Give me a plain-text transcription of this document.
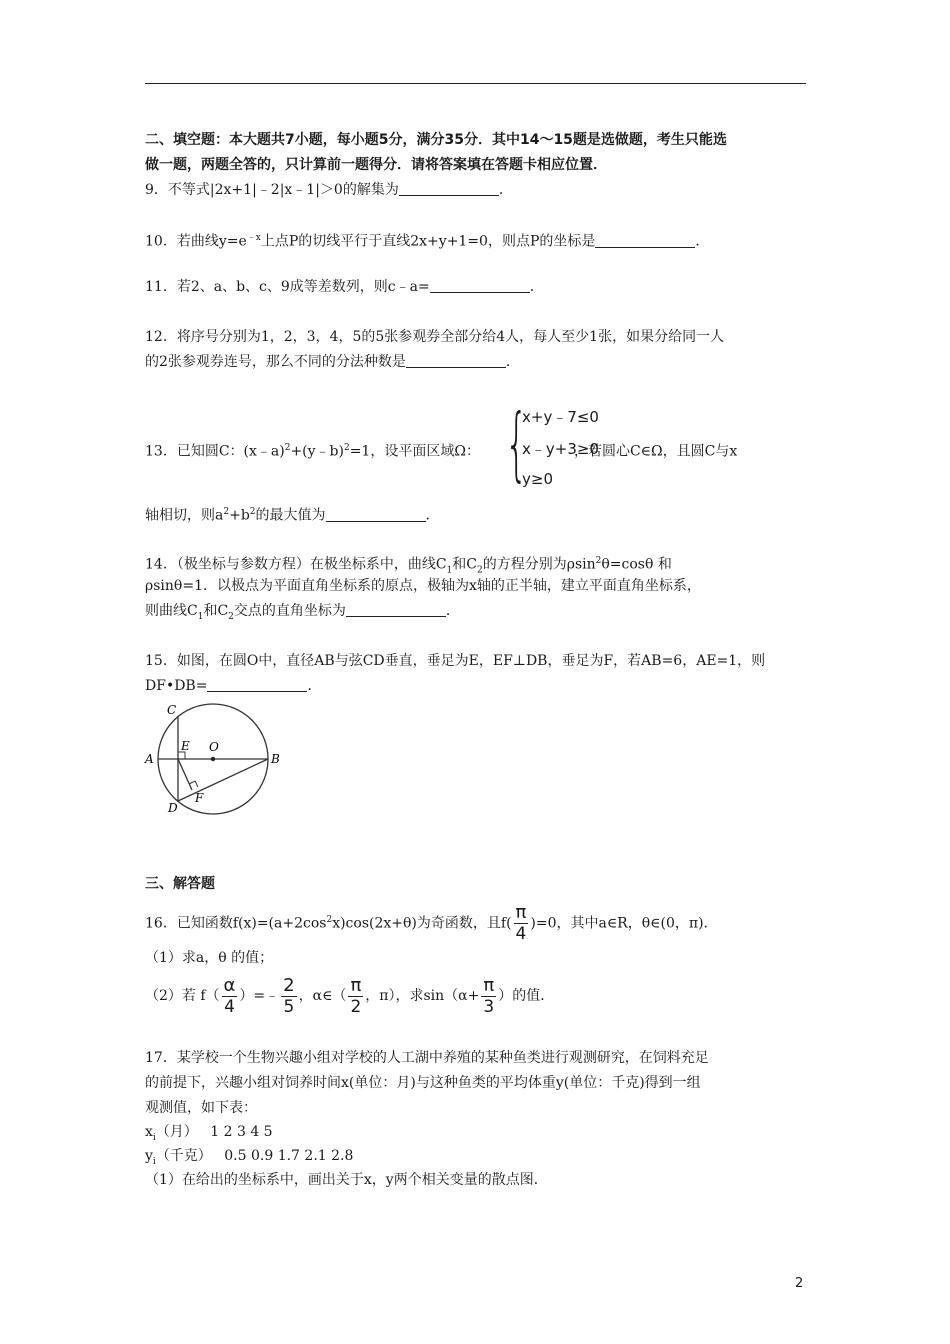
二、填空题：本大题共7小题，每小题5分，满分35分．其中14～15题是选做题，考生只能选
做一题，两题全答的，只计算前一题得分．请将答案填在答题卡相应位置．
9．不等式|2x+1|﹣2|x﹣1|＞0的解集为	．
10．若曲线$y=e^{﹣x}$上点P的切线平行于直线2x+y+1=0，则点P的坐标是	．
11．若2、a、b、c、9成等差数列，则c﹣a=	．
12．将序号分别为1，2，3，4，5的5张参观券全部分给4人，每人至少1张，如果分给同一人
的2张参观券连号，那么不同的分法种数是	．
13．已知圆C：(x﹣a)$^2$+(y﹣b)$^2$=1，设平面区域Ω：	，若圆心C∈Ω，且圆C与x
{
x+y﹣7≤0
x﹣y+3≥0
y≥0
轴相切，则$a^2+b^2$的最大值为	．
14．（极坐标与参数方程）在极坐标系中，曲线$C_1$和$C_2$的方程分别为ρsin$^2$θ=cosθ 和
ρsinθ=1．以极点为平面直角坐标系的原点，极轴为x轴的正半轴，建立平面直角坐标系，
则曲线$C_1$和$C_2$交点的直角坐标为	．
15．如图，在圆O中，直径AB与弦CD垂直，垂足为E，EF⊥DB，垂足为F，若AB=6，AE=1，则
DF•DB=	．
C
E O
A	B
D
F
三、解答题
16．已知函数$f(x)=(a+2\cos^2x)\cos(2x+\theta)$为奇函数，且$f( \frac{\pi}{4} )=0$，其中a∈R，θ∈(0，π)．
（1）求a，θ 的值；
（2）若 $f( \frac{\alpha}{4}$ ）=﹣ $\frac{2}{5}$ ，α∈（ $\frac{\pi}{2}$ ，π），求$\sin(\alpha+ \frac{\pi}{3}$ ）的值．
17．某学校一个生物兴趣小组对学校的人工湖中养殖的某种鱼类进行观测研究，在饲料充足
的前提下，兴趣小组对饲养时间x(单位：月)与这种鱼类的平均体重y(单位：千克)得到一组
观测值，如下表：
$x_i$（月） 1 2 3 4 5
$y_i$（千克） 0.5 0.9 1.7 2.1 2.8
（1）在给出的坐标系中，画出关于x，y两个相关变量的散点图．
2
